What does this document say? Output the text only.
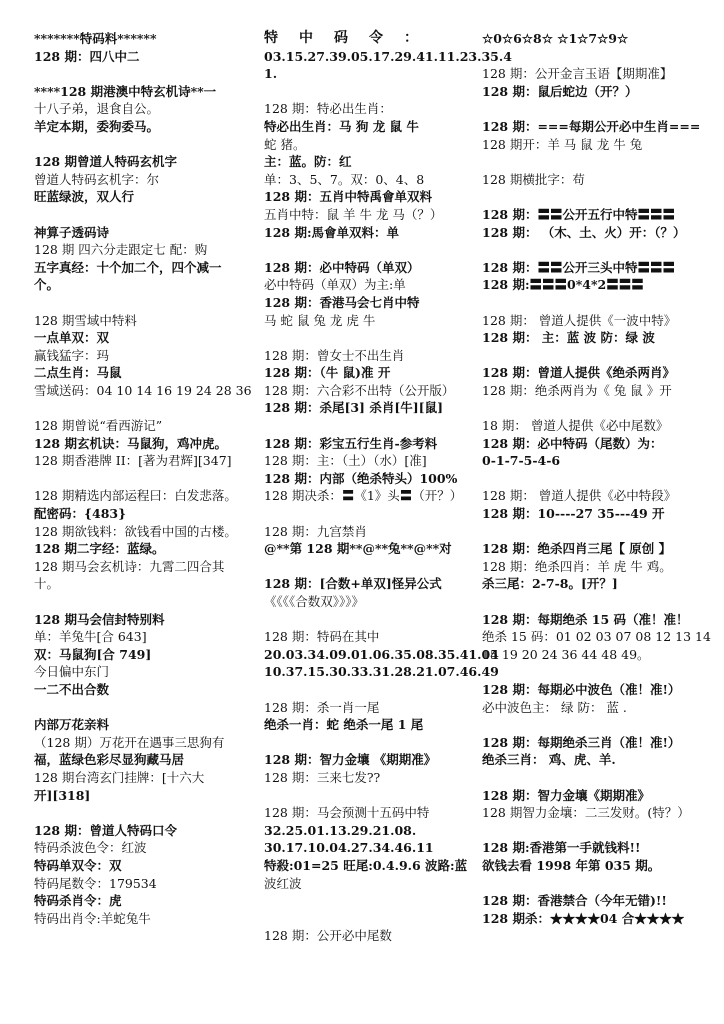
*******特码料******
128 期：四八中二
****128 期港澳中特玄机诗**一
十八子弟，退食自公。
羊定本期，委狗委马。
128 期曾道人特码玄机字
曾道人特码玄机字：尔
旺蓝绿波，双人行
神算子透码诗
128 期 四六分走跟定七 配：购
五字真经：十个加二个，四个减一
个。
128 期雪域中特料
一点单双：双
赢钱猛字：玛
二点生肖：马鼠
雪域送码：04 10 14 16 19 24 28 36
128 期曾说“看西游记”
128 期玄机诀：马鼠狗，鸡冲虎。
128 期香港牌 II：[著为君辉][347]
128 期精选内部运程曰：白发悲落。
配密码：{483}
128 期欲钱料：欲钱看中国的古楼。
128 期二字经：蓝绿。
128 期马会玄机诗：九霄二四合其
十。
128 期马会信封特别料
单：羊兔牛[合 643]
双：马鼠狗[合 749]
今日偏中东门
一二不出合数
内部万花亲料
（128 期）万花开在遇事三思狗有
福，蓝绿色彩尽显狗藏马居
128 期台湾玄门挂牌：[十六大
开][318]
128 期：曾道人特码口令
特码杀波色令：红波
特码单双令：双
特码尾数令：179534
特码杀肖令：虎
特码出肖令:羊蛇兔牛
特中码令：
03.15.27.39.05.17.29.41.11.23.35.4
1.
128 期：特必出生肖：
特必出生肖：马 狗 龙 鼠 牛
蛇 猪。
主：蓝。防：红
单：3、5、7。双：0、4、8
128 期：五肖中特禹會单双料
五肖中特：鼠 羊 牛 龙 马（？）
128 期:馬會单双料：单
128 期：必中特码（单双）
必中特码（单双）为主:单
128 期：香港马会七肖中特
马 蛇 鼠 兔 龙 虎 牛
128 期：曾女士不出生肖
128 期：（牛 鼠)准 开
128 期：六合彩不出特（公开版）
128 期：杀尾[3] 杀肖[牛][鼠]
128 期：彩宝五行生肖-参考料
128 期：主：（土）（水）[准]
128 期：内部（绝杀特头）100%
128 期决杀：〓《1》头〓（开？）
128 期：九宫禁肖
@**第 128 期**@**兔**@**对
128 期：[合数+单双]怪异公式
《《《《合数双》》》》
128 期：特码在其中
20.03.34.09.01.06.35.08.35.41.04
10.37.15.30.33.31.28.21.07.46.49
128 期：杀一肖一尾
绝杀一肖：蛇 绝杀一尾 1 尾
128 期：智力金壤 《期期准》
128 期：三来七发??
128 期：马会预测十五码中特
32.25.01.13.29.21.08.
30.17.10.04.27.34.46.11
特殺:01=25 旺尾:0.4.9.6 波路:蓝
波红波
128 期：公开必中尾数
☆0☆6☆8☆ ☆1☆7☆9☆
128 期：公开金言玉语【期期准】
128 期：鼠后蛇边（开？）
128 期：===每期公开必中生肖===
128 期开：羊 马 鼠 龙 牛 兔
128 期横批字：苟
128 期：〓〓公开五行中特〓〓〓
128 期： （木、土、火）开：（？）
128 期：〓〓公开三头中特〓〓〓
128 期:〓〓〓0*4*2〓〓〓
128 期： 曾道人提供《一波中特》
128 期： 主：蓝 波 防：绿 波
128 期：曾道人提供《绝杀两肖》
128 期：绝杀两肖为《 兔 鼠 》开
18 期： 曾道人提供《必中尾数》
128 期：必中特码（尾数）为：
0-1-7-5-4-6
128 期： 曾道人提供《必中特段》
128 期：10----27 35---49 开
128 期：绝杀四肖三尾【 原创 】
128 期：绝杀四肖：羊 虎 牛 鸡。
杀三尾：2-7-8。[开？]
128 期：每期绝杀 15 码（准！准！
绝杀 15 码：01 02 03 07 08 12 13 14
15 19 20 24 36 44 48 49。
128 期：每期必中波色（准！准!）
必中波色主： 绿 防： 蓝 .
128 期：每期绝杀三肖（准！准!）
绝杀三肖： 鸡、虎、羊.
128 期：智力金壤《期期准》
128 期智力金壤：二三发财。(特？）
128 期:香港第一手就钱料!!
欲钱去看 1998 年第 035 期。
128 期：香港禁合（今年无错)!!
128 期杀：★★★★04 合★★★★
